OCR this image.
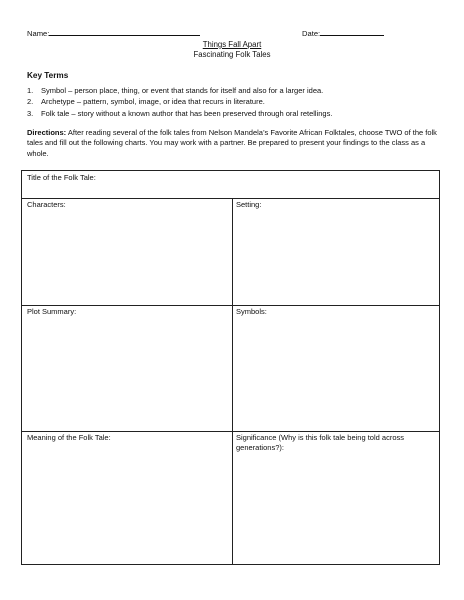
Name:	Date:
Things Fall Apart
Fascinating Folk Tales
Key Terms
1. Symbol – person place, thing, or event that stands for itself and also for a larger idea.
2. Archetype – pattern, symbol, image, or idea that recurs in literature.
3. Folk tale – story without a known author that has been preserved through oral retellings.
Directions: After reading several of the folk tales from Nelson Mandela’s Favorite African Folktales, choose TWO of the folk tales and fill out the following charts. You may work with a partner. Be prepared to present your findings to the class as a whole.
Title of the Folk Tale:
Characters:	Setting:
Plot Summary:	Symbols:
Meaning of the Folk Tale:	Significance (Why is this folk tale being told across generations?):
